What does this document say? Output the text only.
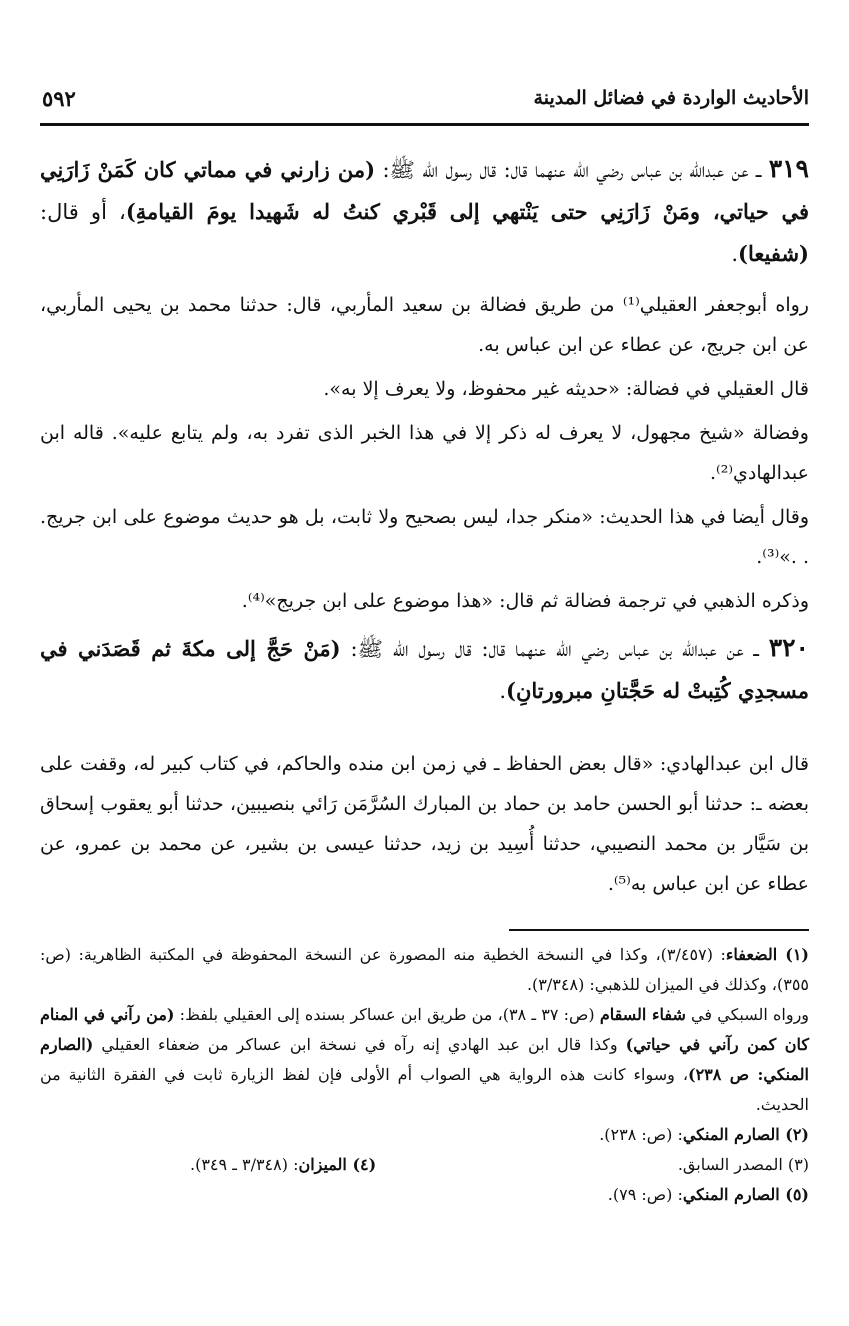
الأحاديث الواردة في فضائل المدينة
٥٩٢

٣١٩ ــ عن عبدالله بن عباس رضي الله عنهما قال: قال رسول الله ﷺ: (من زارني في مماتي كان كَمَنْ زَارَنِي في حياتي، ومَنْ زَارَنِي حتى يَنْتهي إلى قَبْري كنتُ له شَهيدا يومَ القيامةِ)، أو قال: (شفيعا).

رواه أبوجعفر العقيلي⁽¹⁾ من طريق فضالة بن سعيد المأربي، قال: حدثنا محمد بن يحيى المأربي، عن ابن جريج، عن عطاء عن ابن عباس به.

قال العقيلي في فضالة: «حديثه غير محفوظ، ولا يعرف إلا به».

وفضالة «شيخ مجهول، لا يعرف له ذكر إلا في هذا الخبر الذى تفرد به، ولم يتابع عليه». قاله ابن عبدالهادي⁽²⁾.

وقال أيضا في هذا الحديث: «منكر جدا، ليس بصحيح ولا ثابت، بل هو حديث موضوع على ابن جريج. . .»⁽³⁾.

وذكره الذهبي في ترجمة فضالة ثم قال: «هذا موضوع على ابن جريج»⁽⁴⁾.

٣٢٠ ــ عن عبدالله بن عباس رضي الله عنهما قال: قال رسول الله ﷺ: (مَنْ حَجَّ إلى مكةَ ثم قَصَدَني في مسجدِي كُتِبتْ له حَجَّتانِ مبرورتانِ).

قال ابن عبدالهادي: «قال بعض الحفاظ ـ في زمن ابن منده والحاكم، في كتاب كبير له، وقفت على بعضه ـ: حدثنا أبو الحسن حامد بن حماد بن المبارك السُرَّمَن رَائي بنصيبين، حدثنا أبو يعقوب إسحاق بن سَيَّار بن محمد النصيبي، حدثنا أُسِيد بن زيد، حدثنا عيسى بن بشير، عن محمد بن عمرو، عن عطاء عن ابن عباس به⁽⁵⁾.

(١) الضعفاء: (٣/٤٥٧)، وكذا في النسخة الخطية منه المصورة عن النسخة المحفوظة في المكتبة الظاهرية: (ص: ٣٥٥)، وكذلك في الميزان للذهبي: (٣/٣٤٨).

ورواه السبكي في شفاء السقام (ص: ٣٧ ـ ٣٨)، من طريق ابن عساكر بسنده إلى العقيلي بلفظ: (من رآني في المنام كان كمن رآني في حياتي) وكذا قال ابن عبد الهادي إنه رآه في نسخة ابن عساكر من ضعفاء العقيلي (الصارم المنكي: ص ٢٣٨)، وسواء كانت هذه الرواية هي الصواب أم الأولى فإن لفظ الزيارة ثابت في الفقرة الثانية من الحديث.

(٢) الصارم المنكي: (ص: ٢٣٨).

(٣) المصدر السابق.
(٤) الميزان: (٣/٣٤٨ ـ ٣٤٩).

(٥) الصارم المنكي: (ص: ٧٩).
